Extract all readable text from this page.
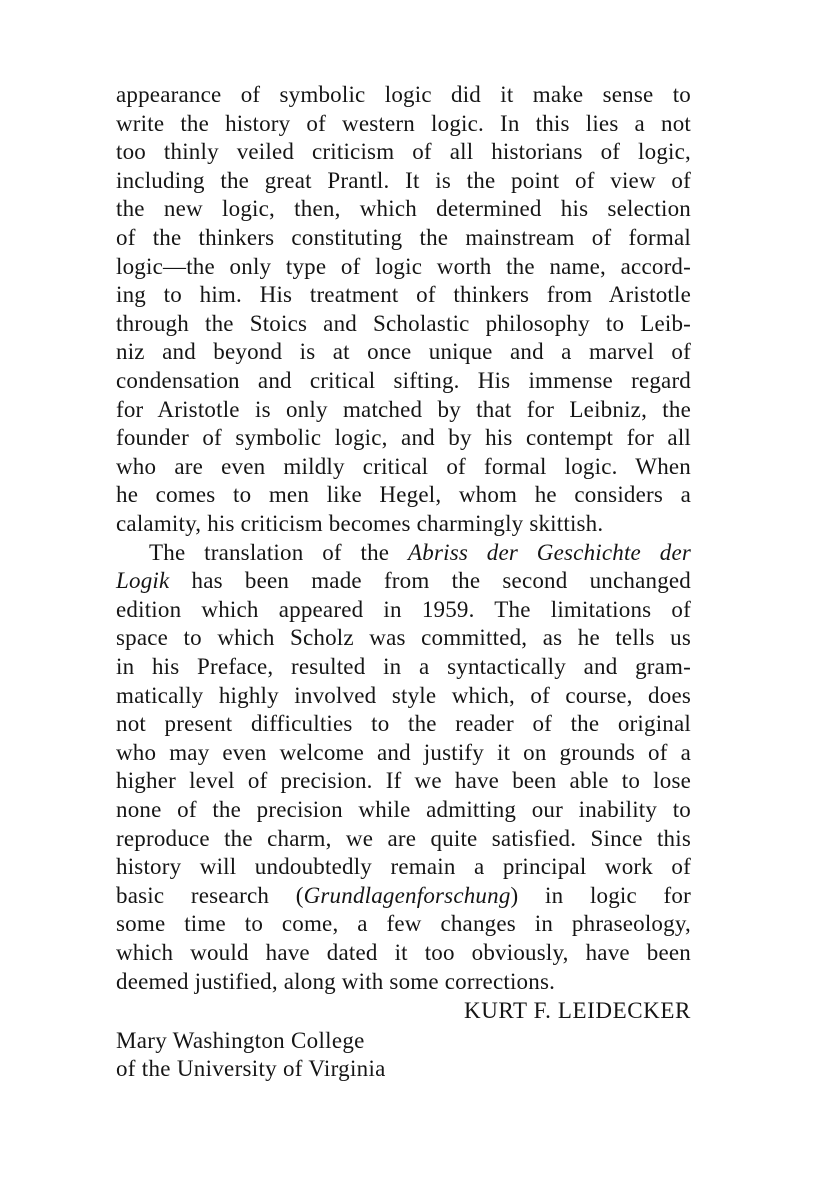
appearance of symbolic logic did it make sense to
write the history of western logic. In this lies a not
too thinly veiled criticism of all historians of logic,
including the great Prantl. It is the point of view of
the new logic, then, which determined his selection
of the thinkers constituting the mainstream of formal
logic—the only type of logic worth the name, accord-
ing to him. His treatment of thinkers from Aristotle
through the Stoics and Scholastic philosophy to Leib-
niz and beyond is at once unique and a marvel of
condensation and critical sifting. His immense regard
for Aristotle is only matched by that for Leibniz, the
founder of symbolic logic, and by his contempt for all
who are even mildly critical of formal logic. When
he comes to men like Hegel, whom he considers a
calamity, his criticism becomes charmingly skittish.
The translation of the Abriss der Geschichte der
Logik has been made from the second unchanged
edition which appeared in 1959. The limitations of
space to which Scholz was committed, as he tells us
in his Preface, resulted in a syntactically and gram-
matically highly involved style which, of course, does
not present difficulties to the reader of the original
who may even welcome and justify it on grounds of a
higher level of precision. If we have been able to lose
none of the precision while admitting our inability to
reproduce the charm, we are quite satisfied. Since this
history will undoubtedly remain a principal work of
basic research (Grundlagenforschung) in logic for
some time to come, a few changes in phraseology,
which would have dated it too obviously, have been
deemed justified, along with some corrections.
KURT F. LEIDECKER
Mary Washington College
of the University of Virginia
